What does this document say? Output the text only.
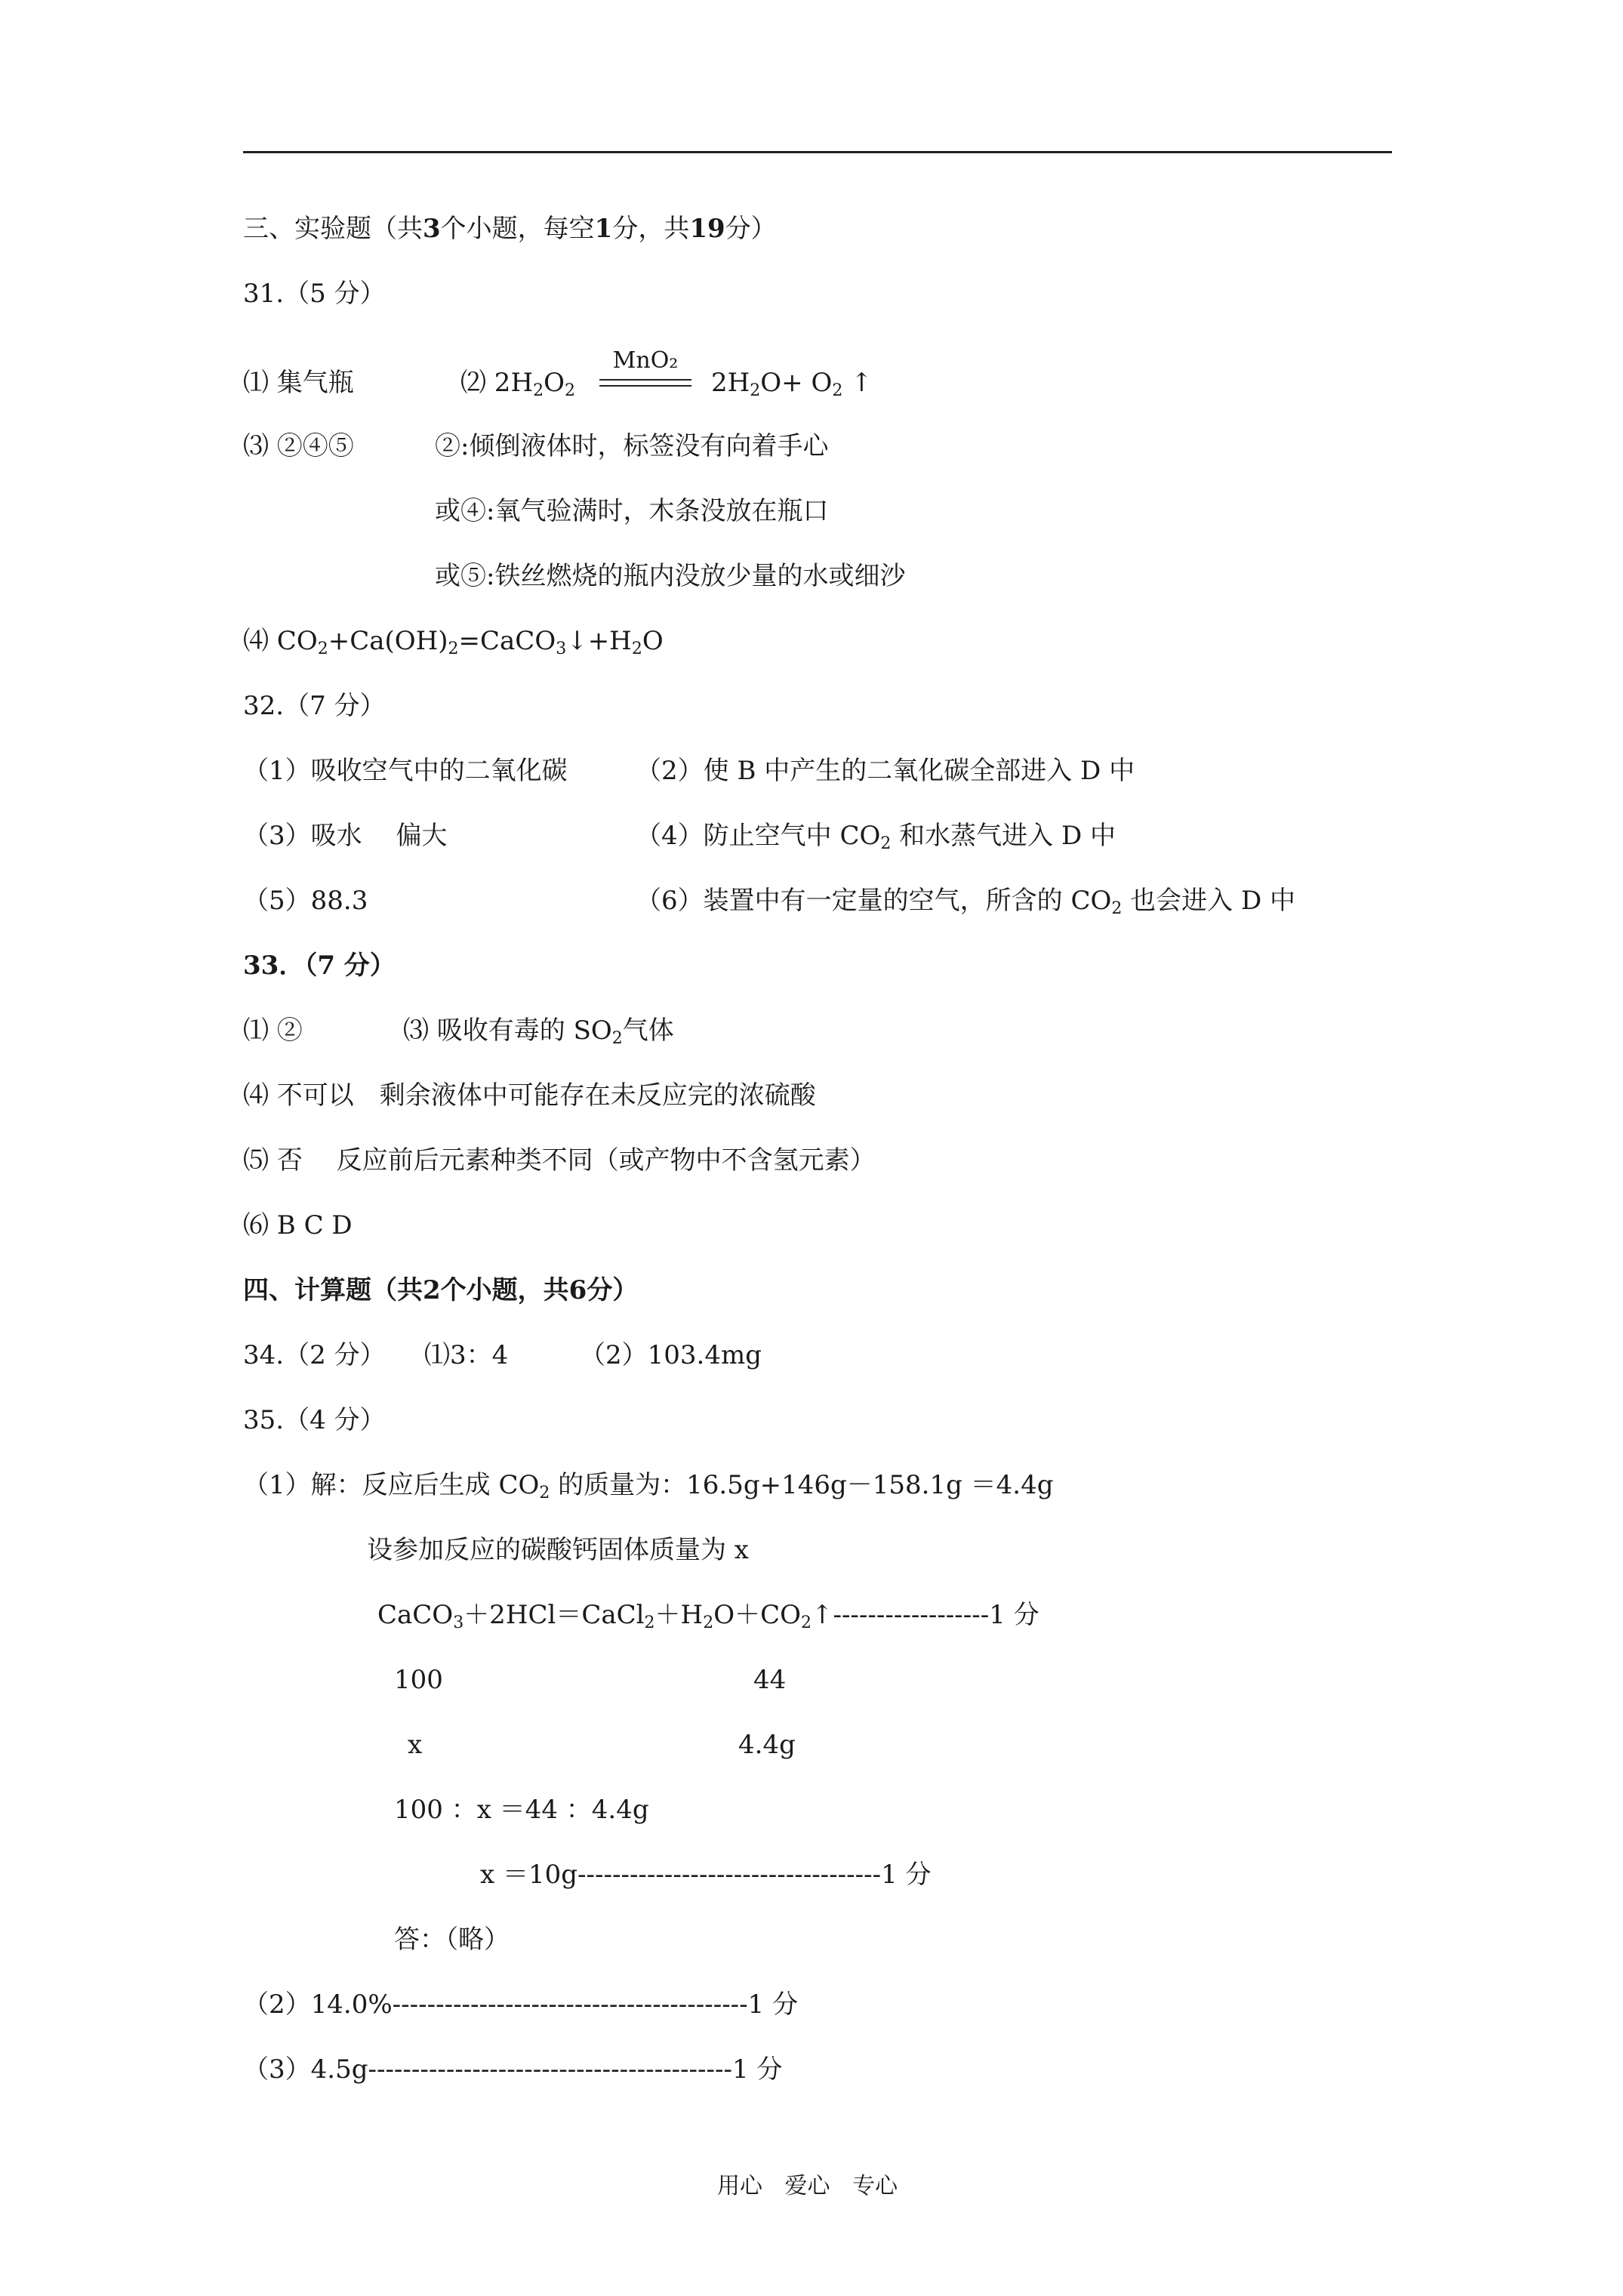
三、实验题（共3个小题，每空1分，共19分）
31.（5 分）
⑴ 集气瓶	⑵ 2H2O2
MnO₂
2H2O+ O2 ↑
⑶ ②④⑤	②:倾倒液体时，标签没有向着手心
或④:氧气验满时，木条没放在瓶口
或⑤:铁丝燃烧的瓶内没放少量的水或细沙
⑷ CO2+Ca(OH)2=CaCO3↓+H2O
32.（7 分）
（1）吸收空气中的二氧化碳	（2）使 B 中产生的二氧化碳全部进入 D 中
（3）吸水　 偏大	（4）防止空气中 CO2 和水蒸气进入 D 中
（5）88.3	（6）装置中有一定量的空气，所含的 CO2 也会进入 D 中
33．（7 分）
⑴ ②	⑶ 吸收有毒的 SO2气体
⑷ 不可以　剩余液体中可能存在未反应完的浓硫酸
⑸ 否　 反应前后元素种类不同（或产物中不含氢元素）
⑹ B C D
四、计算题（共2个小题，共6分）
34.（2 分） ⑴3：4	（2）103.4mg
35.（4 分）
（1）解：反应后生成 CO2 的质量为：16.5g+146g－158.1g ＝4.4g
设参加反应的碳酸钙固体质量为 x
CaCO3＋2HCl＝CaCl2＋H2O＋CO2↑------------------1 分
100	44
x	4.4g
100 ：x ＝44 ：4.4g
x ＝10g-----------------------------------1 分
答：（略）
（2）14.0%-----------------------------------------1 分
（3）4.5g------------------------------------------1 分
用心 爱心 专心
